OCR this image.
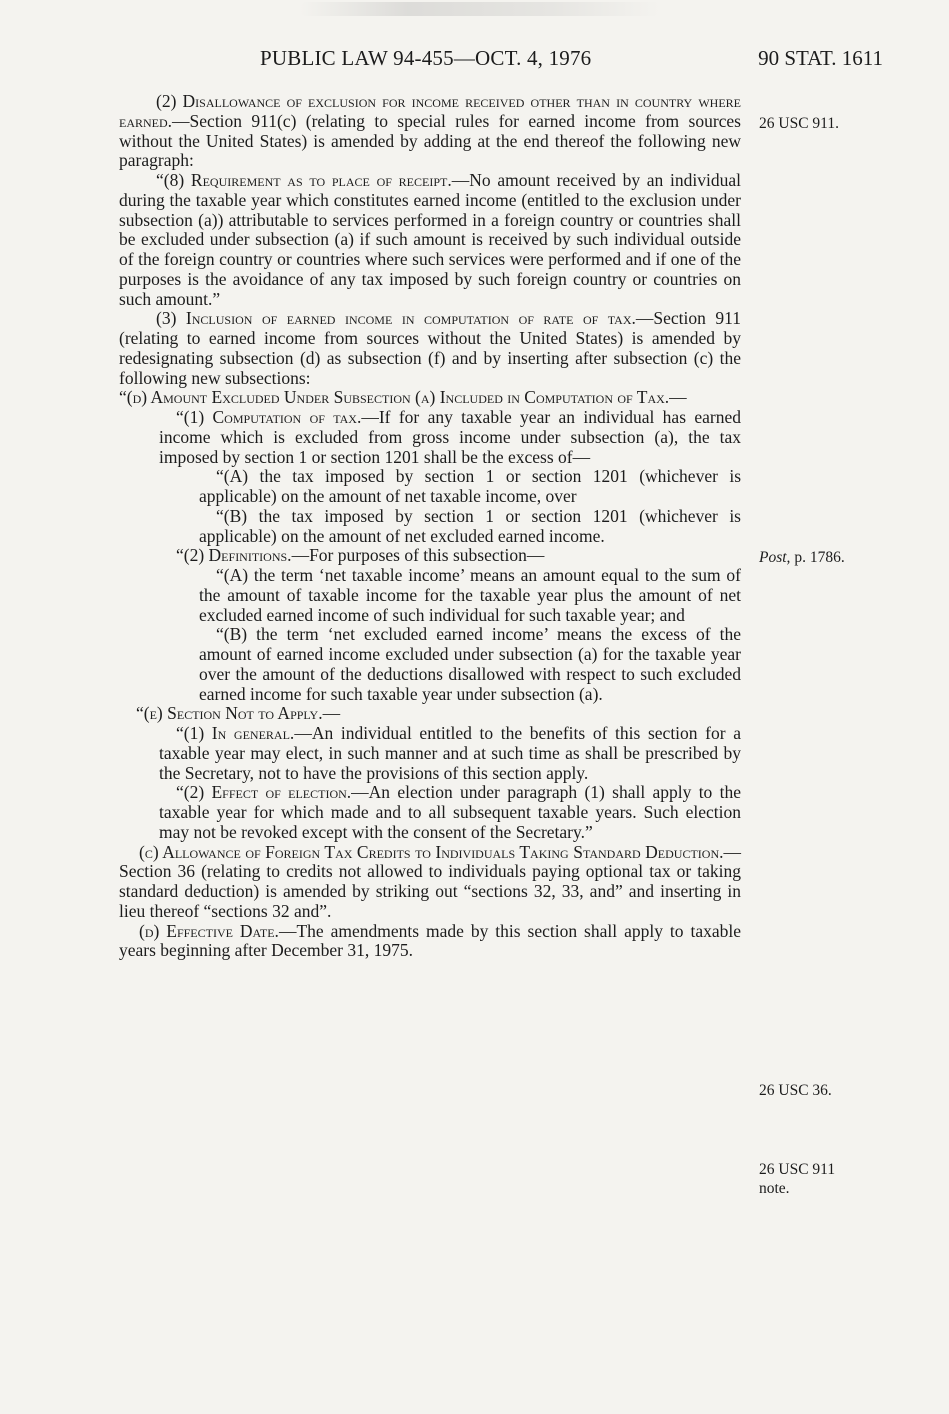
PUBLIC LAW 94-455—OCT. 4, 1976	90 STAT. 1611

(2) Disallowance of exclusion for income received other than in country where earned.—Section 911(c) (relating to special rules for earned income from sources without the United States) is amended by adding at the end thereof the following new paragraph:

“(8) Requirement as to place of receipt.—No amount received by an individual during the taxable year which constitutes earned income (entitled to the exclusion under subsection (a)) attributable to services performed in a foreign country or countries shall be excluded under subsection (a) if such amount is received by such individual outside of the foreign country or countries where such services were performed and if one of the purposes is the avoidance of any tax imposed by such foreign country or countries on such amount.”

(3) Inclusion of earned income in computation of rate of tax.—Section 911 (relating to earned income from sources without the United States) is amended by redesignating subsection (d) as subsection (f) and by inserting after subsection (c) the following new subsections:

“(d) Amount Excluded Under Subsection (a) Included in Computation of Tax.—

“(1) Computation of tax.—If for any taxable year an individual has earned income which is excluded from gross income under subsection (a), the tax imposed by section 1 or section 1201 shall be the excess of—

“(A) the tax imposed by section 1 or section 1201 (whichever is applicable) on the amount of net taxable income, over

“(B) the tax imposed by section 1 or section 1201 (whichever is applicable) on the amount of net excluded earned income.

“(2) Definitions.—For purposes of this subsection—

“(A) the term ‘net taxable income’ means an amount equal to the sum of the amount of taxable income for the taxable year plus the amount of net excluded earned income of such individual for such taxable year; and

“(B) the term ‘net excluded earned income’ means the excess of the amount of earned income excluded under subsection (a) for the taxable year over the amount of the deductions disallowed with respect to such excluded earned income for such taxable year under subsection (a).

“(e) Section Not to Apply.—

“(1) In general.—An individual entitled to the benefits of this section for a taxable year may elect, in such manner and at such time as shall be prescribed by the Secretary, not to have the provisions of this section apply.

“(2) Effect of election.—An election under paragraph (1) shall apply to the taxable year for which made and to all subsequent taxable years. Such election may not be revoked except with the consent of the Secretary.”

(c) Allowance of Foreign Tax Credits to Individuals Taking Standard Deduction.—Section 36 (relating to credits not allowed to individuals paying optional tax or taking standard deduction) is amended by striking out “sections 32, 33, and” and inserting in lieu thereof “sections 32 and”.

(d) Effective Date.—The amendments made by this section shall apply to taxable years beginning after December 31, 1975.

26 USC 911.
Post, p. 1786.
26 USC 36.
26 USC 911
note.
